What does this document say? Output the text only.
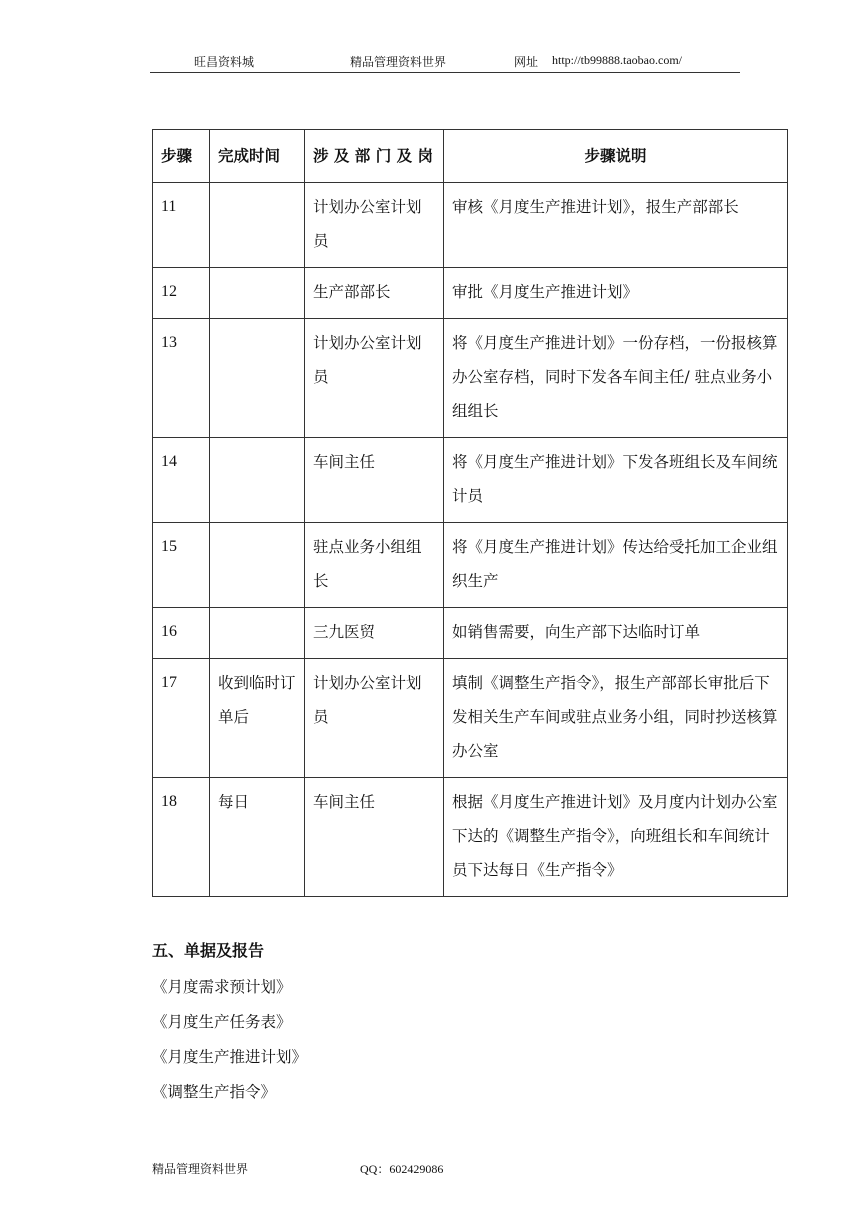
旺昌资料城	精品管理资料世界	网址 http://tb99888.taobao.com/
步骤	完成时间	涉 及 部 门 及 岗	步骤说明
11		计划办公室计划员	审核《月度生产推进计划》，报生产部部长
12		生产部部长	审批《月度生产推进计划》
13		计划办公室计划员	将《月度生产推进计划》一份存档，一份报核算办公室存档，同时下发各车间主任/ 驻点业务小组组长
14		车间主任	将《月度生产推进计划》下发各班组长及车间统计员
15		驻点业务小组组长	将《月度生产推进计划》传达给受托加工企业组织生产
16		三九医贸	如销售需要，向生产部下达临时订单
17	收到临时订单后	计划办公室计划员	填制《调整生产指令》，报生产部部长审批后下发相关生产车间或驻点业务小组，同时抄送核算办公室
18	每日	车间主任	根据《月度生产推进计划》及月度内计划办公室下达的《调整生产指令》，向班组长和车间统计员下达每日《生产指令》
五、单据及报告
《月度需求预计划》
《月度生产任务表》
《月度生产推进计划》
《调整生产指令》
精品管理资料世界	QQ：602429086
